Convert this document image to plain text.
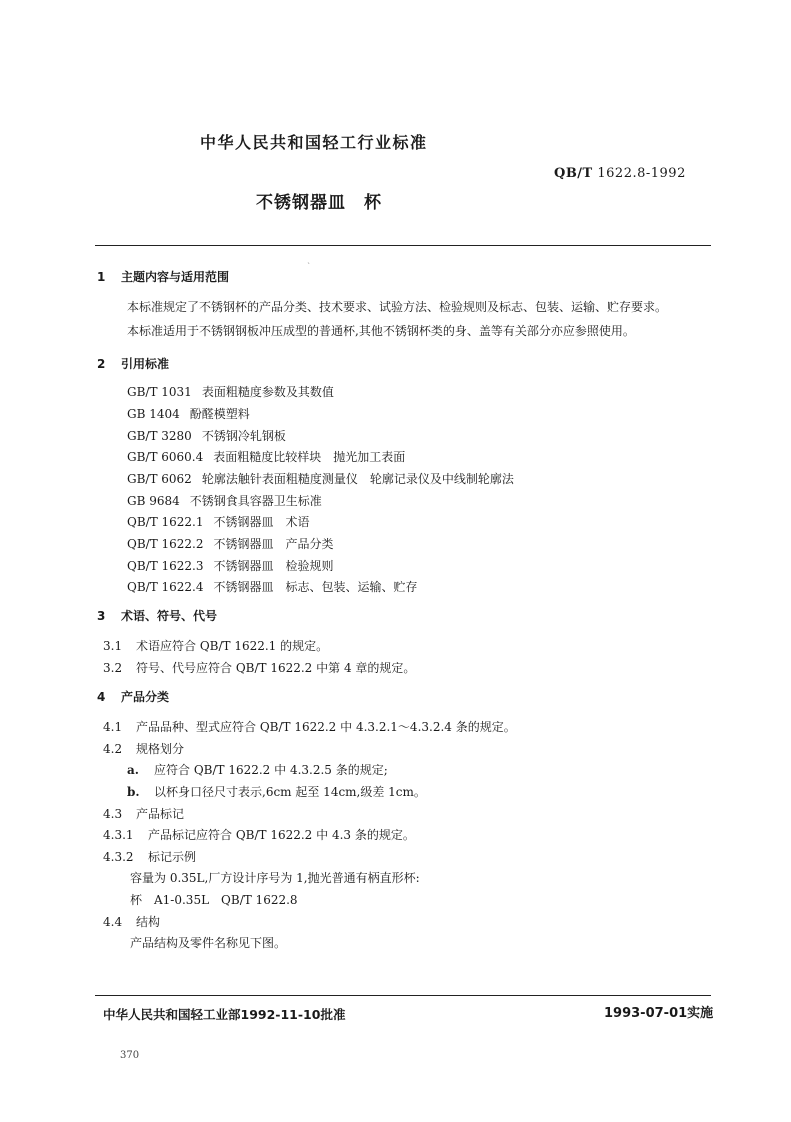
中华人民共和国轻工行业标准
QB/T 1622.8-1992
不锈钢器皿　杯
`
1 主题内容与适用范围
本标准规定了不锈钢杯的产品分类、技术要求、试验方法、检验规则及标志、包装、运输、贮存要求。
本标准适用于不锈钢钢板冲压成型的普通杯,其他不锈钢杯类的身、盖等有关部分亦应参照使用。
2 引用标准
GB/T 1031 表面粗糙度参数及其数值
GB 1404 酚醛模塑料
GB/T 3280 不锈钢冷轧钢板
GB/T 6060.4 表面粗糙度比较样块　抛光加工表面
GB/T 6062 轮廓法触针表面粗糙度测量仪　轮廓记录仪及中线制轮廓法
GB 9684 不锈钢食具容器卫生标准
QB/T 1622.1 不锈钢器皿　术语
QB/T 1622.2 不锈钢器皿　产品分类
QB/T 1622.3 不锈钢器皿　检验规则
QB/T 1622.4 不锈钢器皿　标志、包装、运输、贮存
3 术语、符号、代号
3.1 术语应符合 QB/T 1622.1 的规定。
3.2 符号、代号应符合 QB/T 1622.2 中第 4 章的规定。
4 产品分类
4.1 产品品种、型式应符合 QB/T 1622.2 中 4.3.2.1～4.3.2.4 条的规定。
4.2 规格划分
a. 应符合 QB/T 1622.2 中 4.3.2.5 条的规定;
b. 以杯身口径尺寸表示,6cm 起至 14cm,级差 1cm。
4.3 产品标记
4.3.1 产品标记应符合 QB/T 1622.2 中 4.3 条的规定。
4.3.2 标记示例
容量为 0.35L,厂方设计序号为 1,抛光普通有柄直形杯:
杯　A1-0.35L　QB/T 1622.8
4.4 结构
产品结构及零件名称见下图。
中华人民共和国轻工业部1992-11-10批准	1993-07-01实施
370
